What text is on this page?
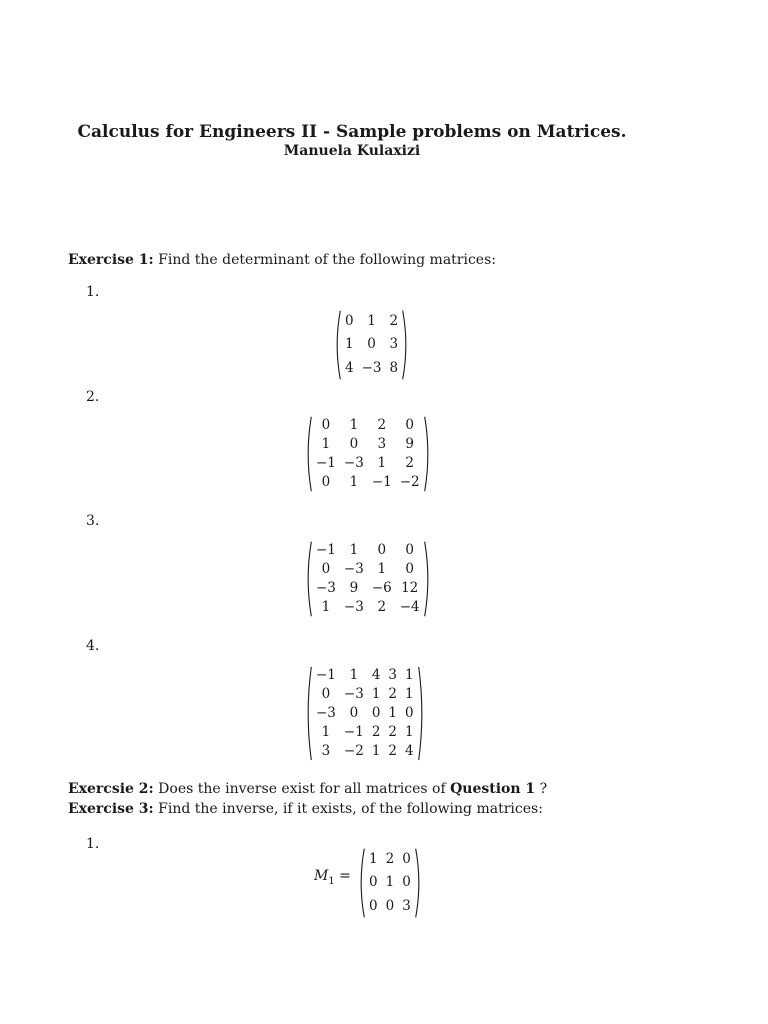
Calculus for Engineers II - Sample problems on Matrices.
Manuela Kulaxizi
Exercise 1: Find the determinant of the following matrices:
1.
0	1	2
1	0	3
4	−3	8
2.
0	1	2	0
1	0	3	9
−1	−3	1	2
0	1	−1	−2
3.
−1	1	0	0
0	−3	1	0
−3	9	−6	12
1	−3	2	−4
4.
−1	1	4	3	1
0	−3	1	2	1
−3	0	0	1	0
1	−1	2	2	1
3	−2	1	2	4
Exercsie 2: Does the inverse exist for all matrices of Question 1 ?
Exercise 3: Find the inverse, if it exists, of the following matrices:
1.
$M_1$ =
1	2	0
0	1	0
0	0	3
